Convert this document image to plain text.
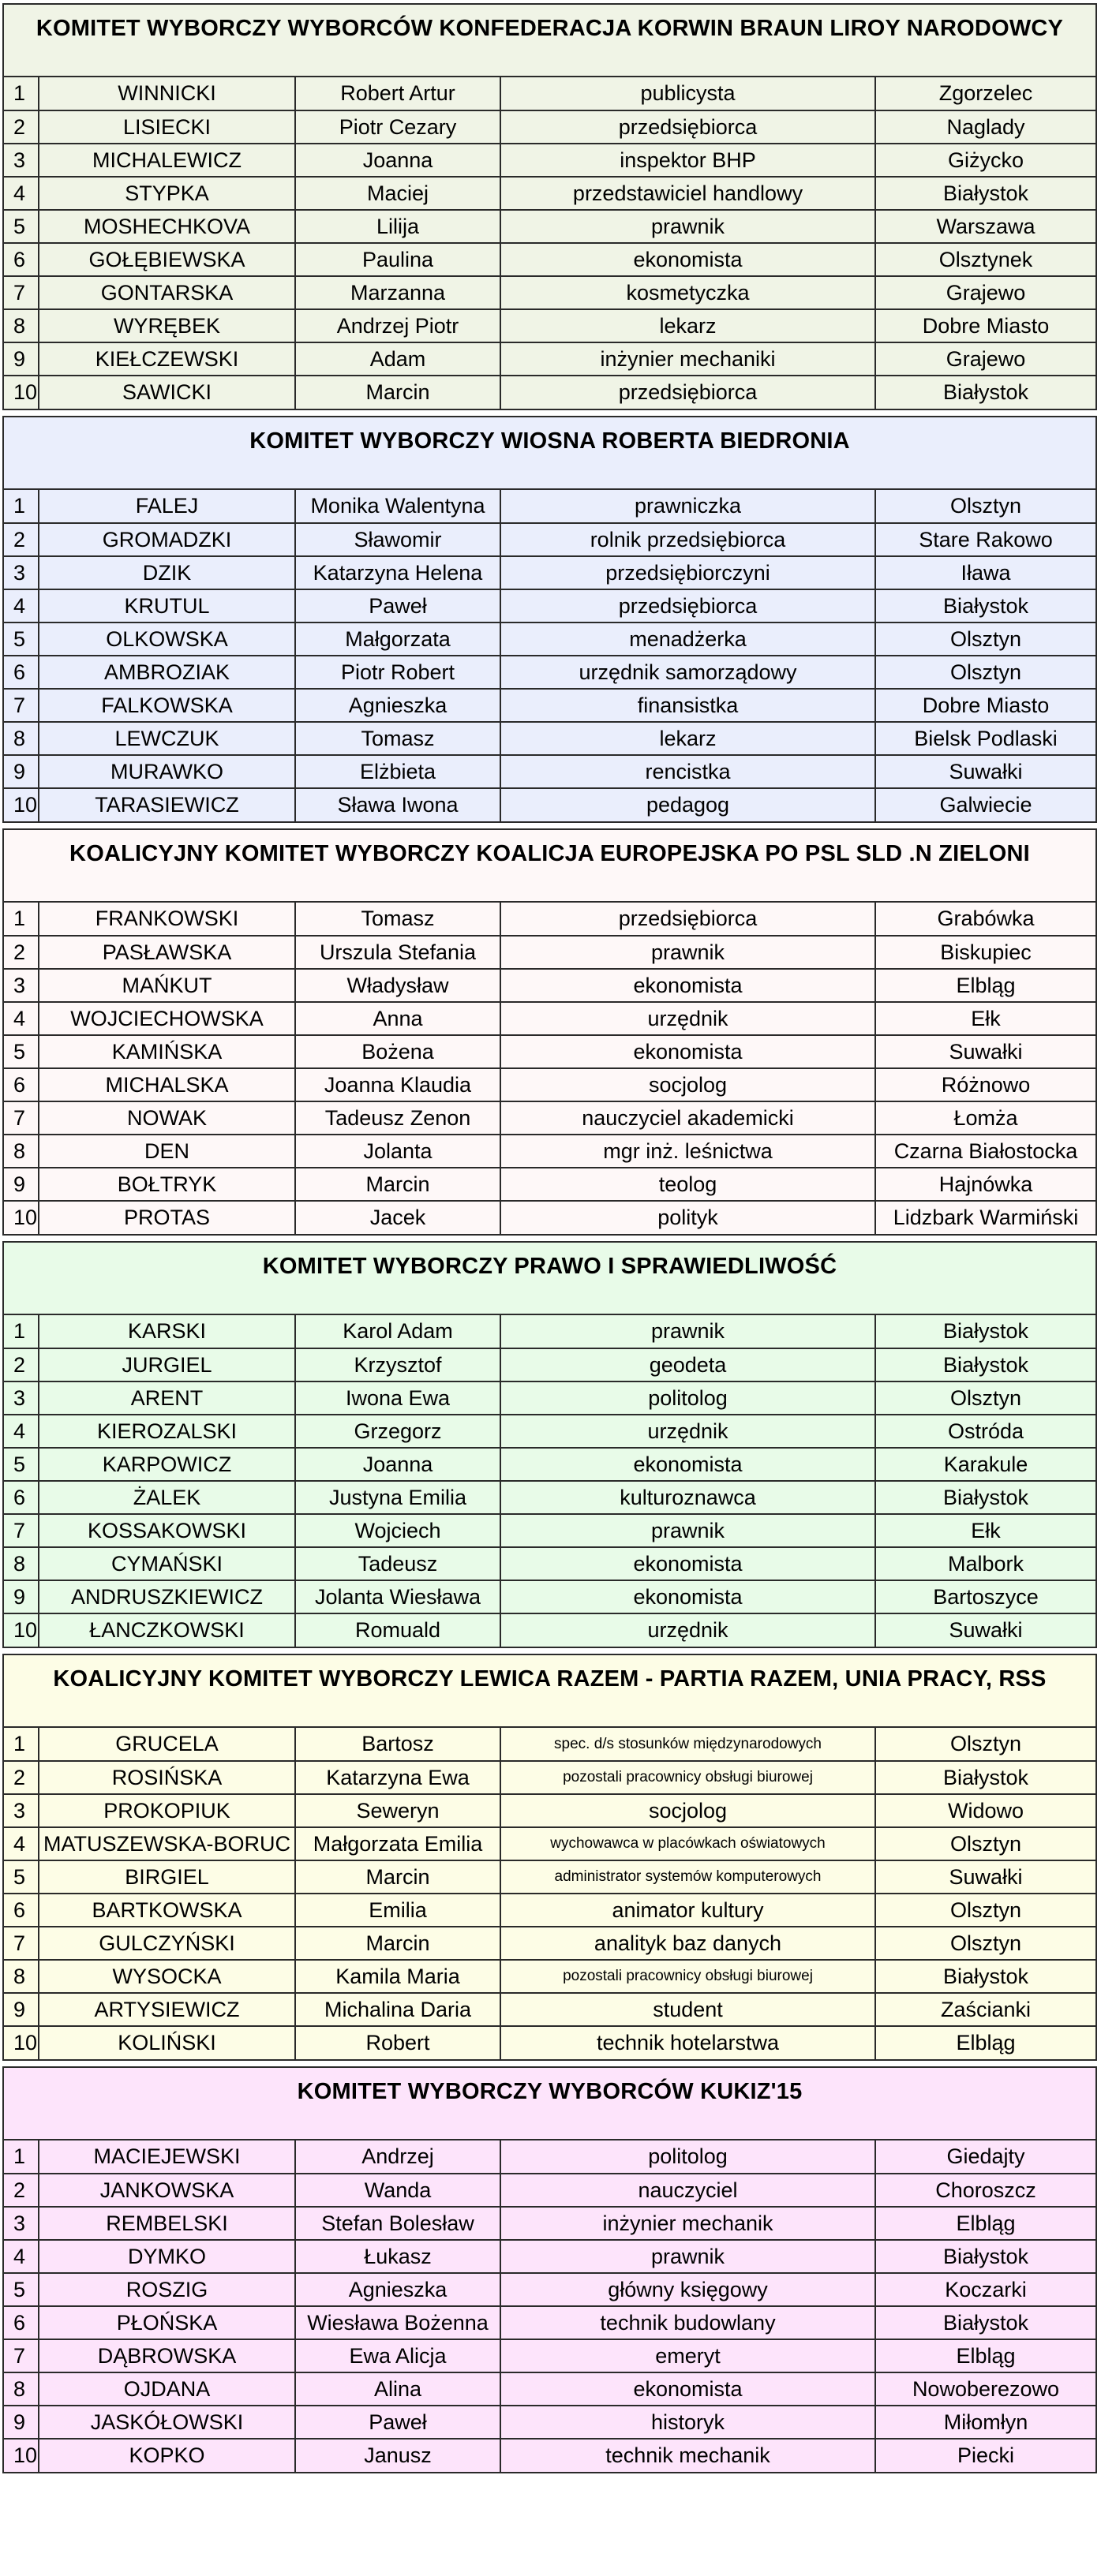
KOMITET WYBORCZY WYBORCÓW KONFEDERACJA KORWIN BRAUN LIROY NARODOWCY
1	WINNICKI	Robert Artur	publicysta	Zgorzelec
2	LISIECKI	Piotr Cezary	przedsiębiorca	Naglady
3	MICHALEWICZ	Joanna	inspektor BHP	Giżycko
4	STYPKA	Maciej	przedstawiciel handlowy	Białystok
5	MOSHECHKOVA	Lilija	prawnik	Warszawa
6	GOŁĘBIEWSKA	Paulina	ekonomista	Olsztynek
7	GONTARSKA	Marzanna	kosmetyczka	Grajewo
8	WYRĘBEK	Andrzej Piotr	lekarz	Dobre Miasto
9	KIEŁCZEWSKI	Adam	inżynier mechaniki	Grajewo
10	SAWICKI	Marcin	przedsiębiorca	Białystok
KOMITET WYBORCZY WIOSNA ROBERTA BIEDRONIA
1	FALEJ	Monika Walentyna	prawniczka	Olsztyn
2	GROMADZKI	Sławomir	rolnik przedsiębiorca	Stare Rakowo
3	DZIK	Katarzyna Helena	przedsiębiorczyni	Iława
4	KRUTUL	Paweł	przedsiębiorca	Białystok
5	OLKOWSKA	Małgorzata	menadżerka	Olsztyn
6	AMBROZIAK	Piotr Robert	urzędnik samorządowy	Olsztyn
7	FALKOWSKA	Agnieszka	finansistka	Dobre Miasto
8	LEWCZUK	Tomasz	lekarz	Bielsk Podlaski
9	MURAWKO	Elżbieta	rencistka	Suwałki
10	TARASIEWICZ	Sława Iwona	pedagog	Galwiecie
KOALICYJNY KOMITET WYBORCZY KOALICJA EUROPEJSKA PO PSL SLD .N ZIELONI
1	FRANKOWSKI	Tomasz	przedsiębiorca	Grabówka
2	PASŁAWSKA	Urszula Stefania	prawnik	Biskupiec
3	MAŃKUT	Władysław	ekonomista	Elbląg
4	WOJCIECHOWSKA	Anna	urzędnik	Ełk
5	KAMIŃSKA	Bożena	ekonomista	Suwałki
6	MICHALSKA	Joanna Klaudia	socjolog	Różnowo
7	NOWAK	Tadeusz Zenon	nauczyciel akademicki	Łomża
8	DEN	Jolanta	mgr inż. leśnictwa	Czarna Białostocka
9	BOŁTRYK	Marcin	teolog	Hajnówka
10	PROTAS	Jacek	polityk	Lidzbark Warmiński
KOMITET WYBORCZY PRAWO I SPRAWIEDLIWOŚĆ
1	KARSKI	Karol Adam	prawnik	Białystok
2	JURGIEL	Krzysztof	geodeta	Białystok
3	ARENT	Iwona Ewa	politolog	Olsztyn
4	KIEROZALSKI	Grzegorz	urzędnik	Ostróda
5	KARPOWICZ	Joanna	ekonomista	Karakule
6	ŻALEK	Justyna Emilia	kulturoznawca	Białystok
7	KOSSAKOWSKI	Wojciech	prawnik	Ełk
8	CYMAŃSKI	Tadeusz	ekonomista	Malbork
9	ANDRUSZKIEWICZ	Jolanta Wiesława	ekonomista	Bartoszyce
10	ŁANCZKOWSKI	Romuald	urzędnik	Suwałki
KOALICYJNY KOMITET WYBORCZY LEWICA RAZEM - PARTIA RAZEM, UNIA PRACY, RSS
1	GRUCELA	Bartosz	spec. d/s stosunków międzynarodowych	Olsztyn
2	ROSIŃSKA	Katarzyna Ewa	pozostali pracownicy obsługi biurowej	Białystok
3	PROKOPIUK	Seweryn	socjolog	Widowo
4	MATUSZEWSKA-BORUC	Małgorzata Emilia	wychowawca w placówkach oświatowych	Olsztyn
5	BIRGIEL	Marcin	administrator systemów komputerowych	Suwałki
6	BARTKOWSKA	Emilia	animator kultury	Olsztyn
7	GULCZYŃSKI	Marcin	analityk baz danych	Olsztyn
8	WYSOCKA	Kamila Maria	pozostali pracownicy obsługi biurowej	Białystok
9	ARTYSIEWICZ	Michalina Daria	student	Zaścianki
10	KOLIŃSKI	Robert	technik hotelarstwa	Elbląg
KOMITET WYBORCZY WYBORCÓW KUKIZ'15
1	MACIEJEWSKI	Andrzej	politolog	Giedajty
2	JANKOWSKA	Wanda	nauczyciel	Choroszcz
3	REMBELSKI	Stefan Bolesław	inżynier mechanik	Elbląg
4	DYMKO	Łukasz	prawnik	Białystok
5	ROSZIG	Agnieszka	główny księgowy	Koczarki
6	PŁOŃSKA	Wiesława Bożenna	technik budowlany	Białystok
7	DĄBROWSKA	Ewa Alicja	emeryt	Elbląg
8	OJDANA	Alina	ekonomista	Nowoberezowo
9	JASKÓŁOWSKI	Paweł	historyk	Miłomłyn
10	KOPKO	Janusz	technik mechanik	Piecki
